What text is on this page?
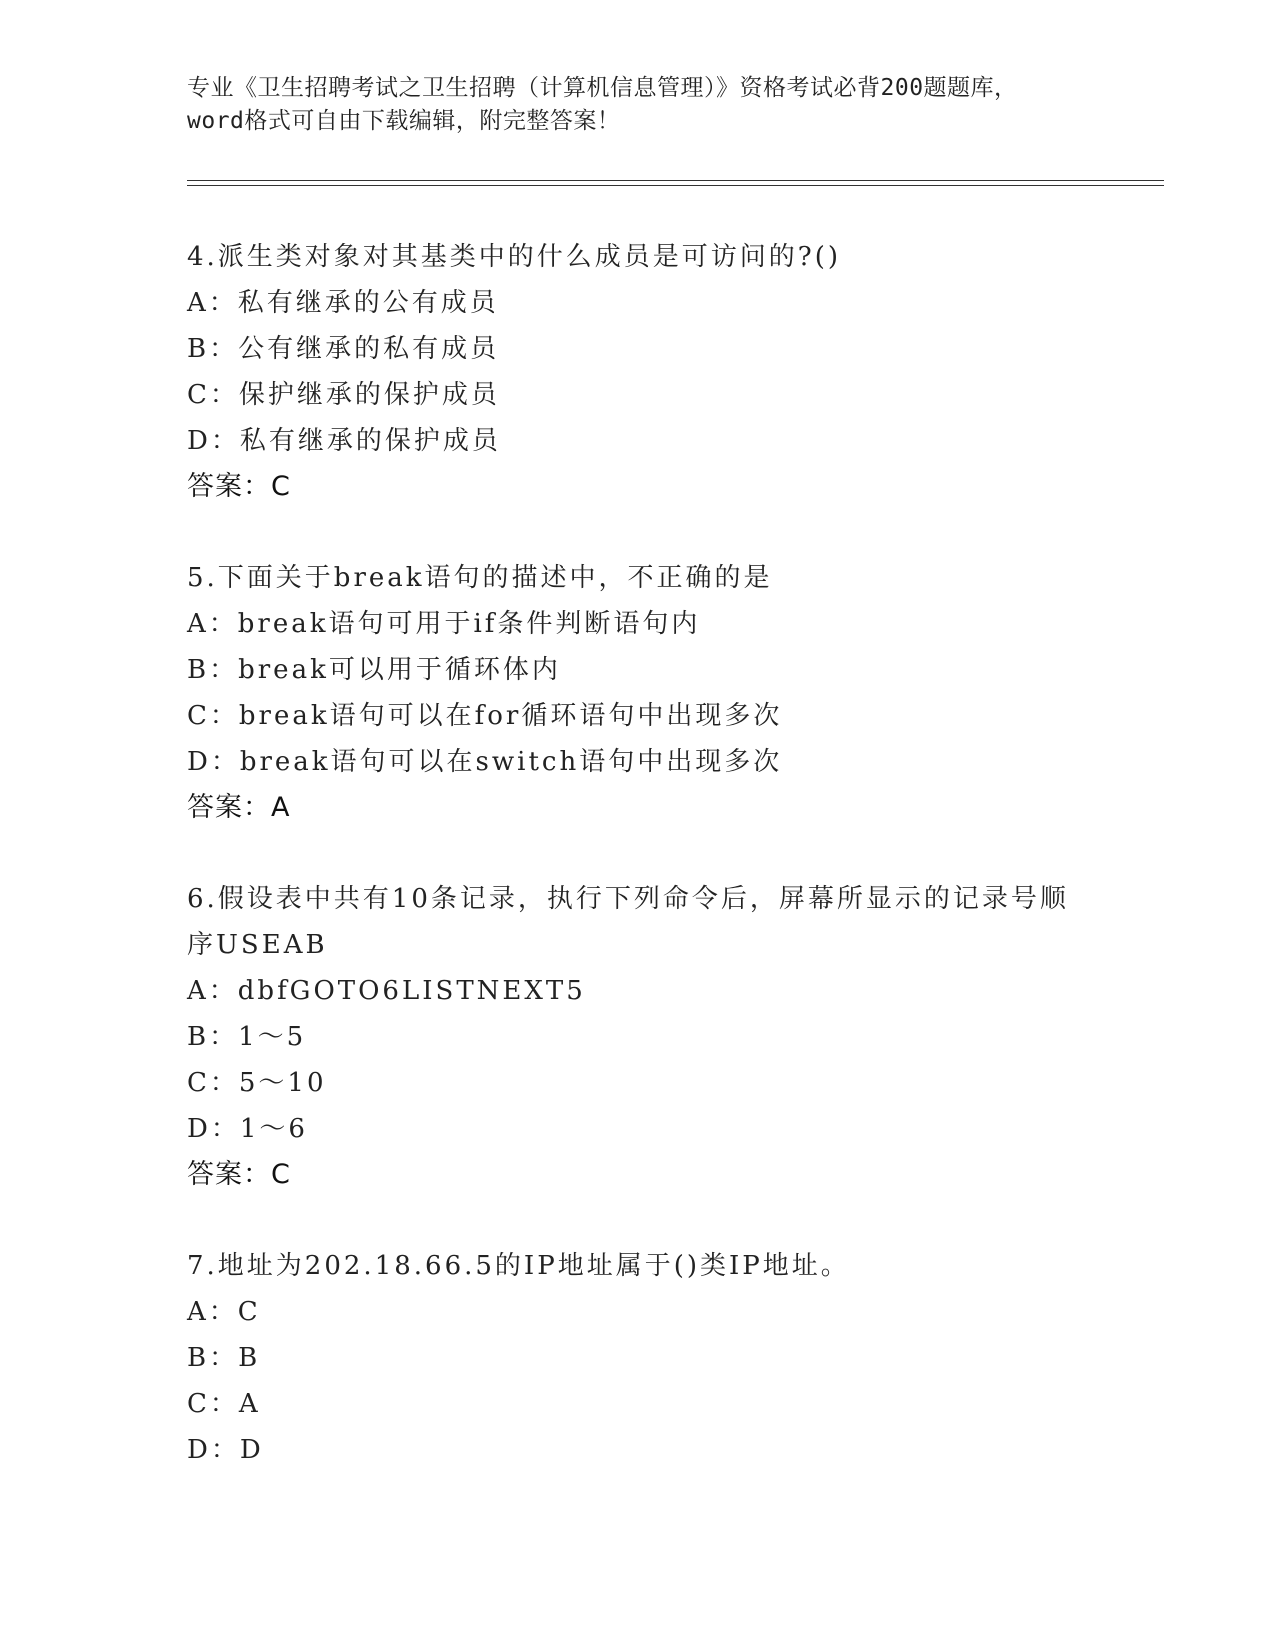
专业《卫生招聘考试之卫生招聘（计算机信息管理）》资格考试必背200题题库，
word格式可自由下载编辑，附完整答案！
4.派生类对象对其基类中的什么成员是可访问的?()
A：私有继承的公有成员
B：公有继承的私有成员
C：保护继承的保护成员
D：私有继承的保护成员
答案：C
5.下面关于break语句的描述中，不正确的是
A：break语句可用于if条件判断语句内
B：break可以用于循环体内
C：break语句可以在for循环语句中出现多次
D：break语句可以在switch语句中出现多次
答案：A
6.假设表中共有10条记录，执行下列命令后，屏幕所显示的记录号顺
序USEAB
A：dbfGOTO6LISTNEXT5
B：1～5
C：5～10
D：1～6
答案：C
7.地址为202.18.66.5的IP地址属于()类IP地址。
A：C
B：B
C：A
D：D
